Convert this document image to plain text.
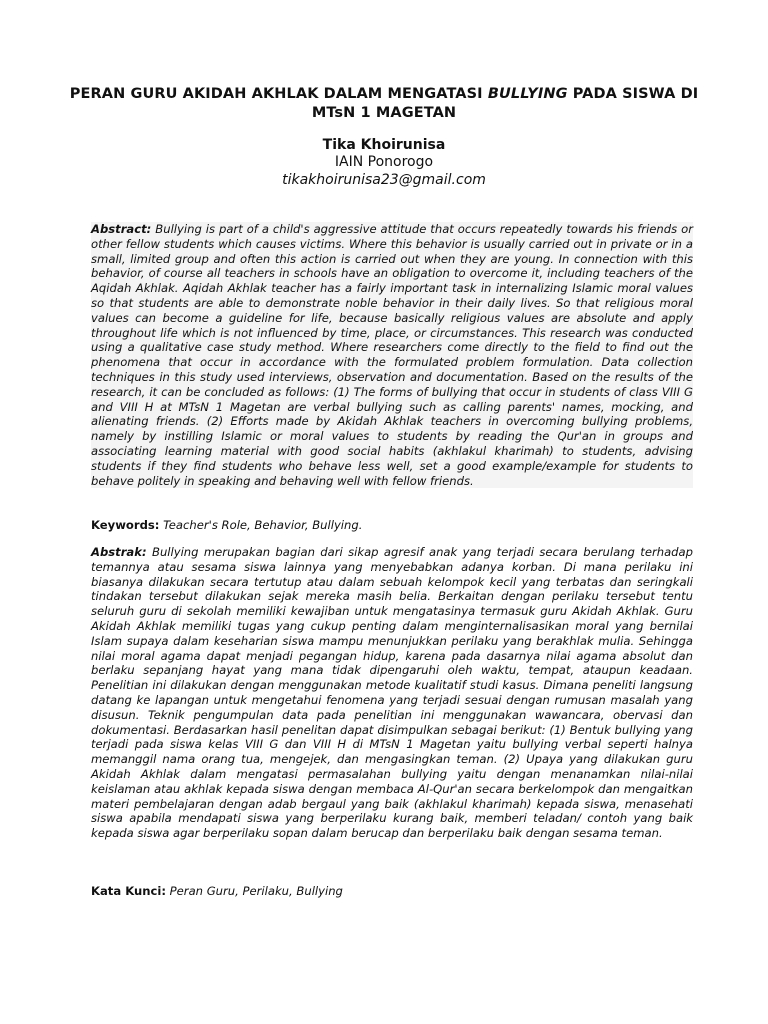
PERAN GURU AKIDAH AKHLAK DALAM MENGATASI BULLYING PADA SISWA DI MTsN 1 MAGETAN
Tika Khoirunisa
IAIN Ponorogo
tikakhoirunisa23@gmail.com
Abstract: Bullying is part of a child's aggressive attitude that occurs repeatedly towards his friends or other fellow students which causes victims. Where this behavior is usually carried out in private or in a small, limited group and often this action is carried out when they are young. In connection with this behavior, of course all teachers in schools have an obligation to overcome it, including teachers of the Aqidah Akhlak. Aqidah Akhlak teacher has a fairly important task in internalizing Islamic moral values so that students are able to demonstrate noble behavior in their daily lives. So that religious moral values can become a guideline for life, because basically religious values are absolute and apply throughout life which is not influenced by time, place, or circumstances. This research was conducted using a qualitative case study method. Where researchers come directly to the field to find out the phenomena that occur in accordance with the formulated problem formulation. Data collection techniques in this study used interviews, observation and documentation. Based on the results of the research, it can be concluded as follows: (1) The forms of bullying that occur in students of class VIII G and VIII H at MTsN 1 Magetan are verbal bullying such as calling parents' names, mocking, and alienating friends. (2) Efforts made by Akidah Akhlak teachers in overcoming bullying problems, namely by instilling Islamic or moral values to students by reading the Qur'an in groups and associating learning material with good social habits (akhlakul kharimah) to students, advising students if they find students who behave less well, set a good example/example for students to behave politely in speaking and behaving well with fellow friends.
Keywords: Teacher's Role, Behavior, Bullying.
Abstrak: Bullying merupakan bagian dari sikap agresif anak yang terjadi secara berulang terhadap temannya atau sesama siswa lainnya yang menyebabkan adanya korban. Di mana perilaku ini biasanya dilakukan secara tertutup atau dalam sebuah kelompok kecil yang terbatas dan seringkali tindakan tersebut dilakukan sejak mereka masih belia. Berkaitan dengan perilaku tersebut tentu seluruh guru di sekolah memiliki kewajiban untuk mengatasinya termasuk guru Akidah Akhlak. Guru Akidah Akhlak memiliki tugas yang cukup penting dalam menginternalisasikan moral yang bernilai Islam supaya dalam keseharian siswa mampu menunjukkan perilaku yang berakhlak mulia. Sehingga nilai moral agama dapat menjadi pegangan hidup, karena pada dasarnya nilai agama absolut dan berlaku sepanjang hayat yang mana tidak dipengaruhi oleh waktu, tempat, ataupun keadaan. Penelitian ini dilakukan dengan menggunakan metode kualitatif studi kasus. Dimana peneliti langsung datang ke lapangan untuk mengetahui fenomena yang terjadi sesuai dengan rumusan masalah yang disusun. Teknik pengumpulan data pada penelitian ini menggunakan wawancara, obervasi dan dokumentasi. Berdasarkan hasil penelitan dapat disimpulkan sebagai berikut: (1) Bentuk bullying yang terjadi pada siswa kelas VIII G dan VIII H di MTsN 1 Magetan yaitu bullying verbal seperti halnya memanggil nama orang tua, mengejek, dan mengasingkan teman. (2) Upaya yang dilakukan guru Akidah Akhlak dalam mengatasi permasalahan bullying yaitu dengan menanamkan nilai-nilai keislaman atau akhlak kepada siswa dengan membaca Al-Qur'an secara berkelompok dan mengaitkan materi pembelajaran dengan adab bergaul yang baik (akhlakul kharimah) kepada siswa, menasehati siswa apabila mendapati siswa yang berperilaku kurang baik, memberi teladan/ contoh yang baik kepada siswa agar berperilaku sopan dalam berucap dan berperilaku baik dengan sesama teman.
Kata Kunci: Peran Guru, Perilaku, Bullying
